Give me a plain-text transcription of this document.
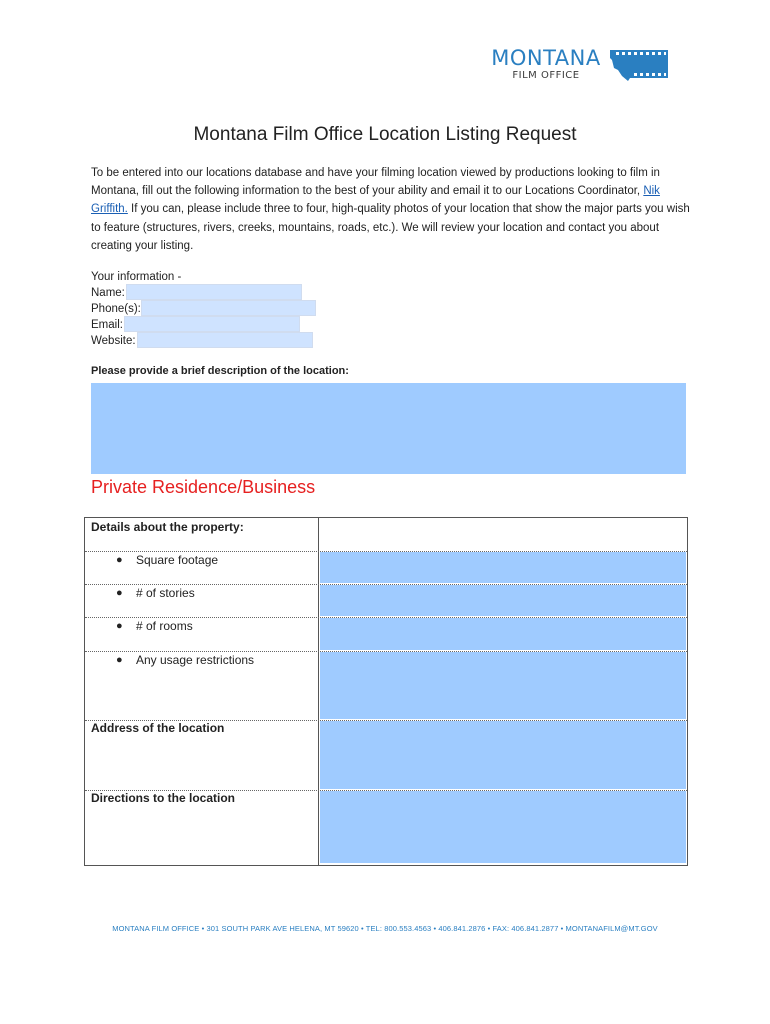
MONTANA
FILM OFFICE
Montana Film Office Location Listing Request
To be entered into our locations database and have your filming location viewed by productions looking to film in Montana, fill out the following information to the best of your ability and email it to our Locations Coordinator, Nik Griffith. If you can, please include three to four, high-quality photos of your location that show the major parts you wish to feature (structures, rivers, creeks, mountains, roads, etc.). We will review your location and contact you about creating your listing.
Your information -
Name:
Phone(s):
Email:
Website:
Please provide a brief description of the location:
Private Residence/Business
Details about the property:
● Square footage
● # of stories
● # of rooms
● Any usage restrictions
Address of the location
Directions to the location
MONTANA FILM OFFICE • 301 SOUTH PARK AVE HELENA, MT 59620 • TEL: 800.553.4563 • 406.841.2876 • FAX: 406.841.2877 • MONTANAFILM@MT.GOV
